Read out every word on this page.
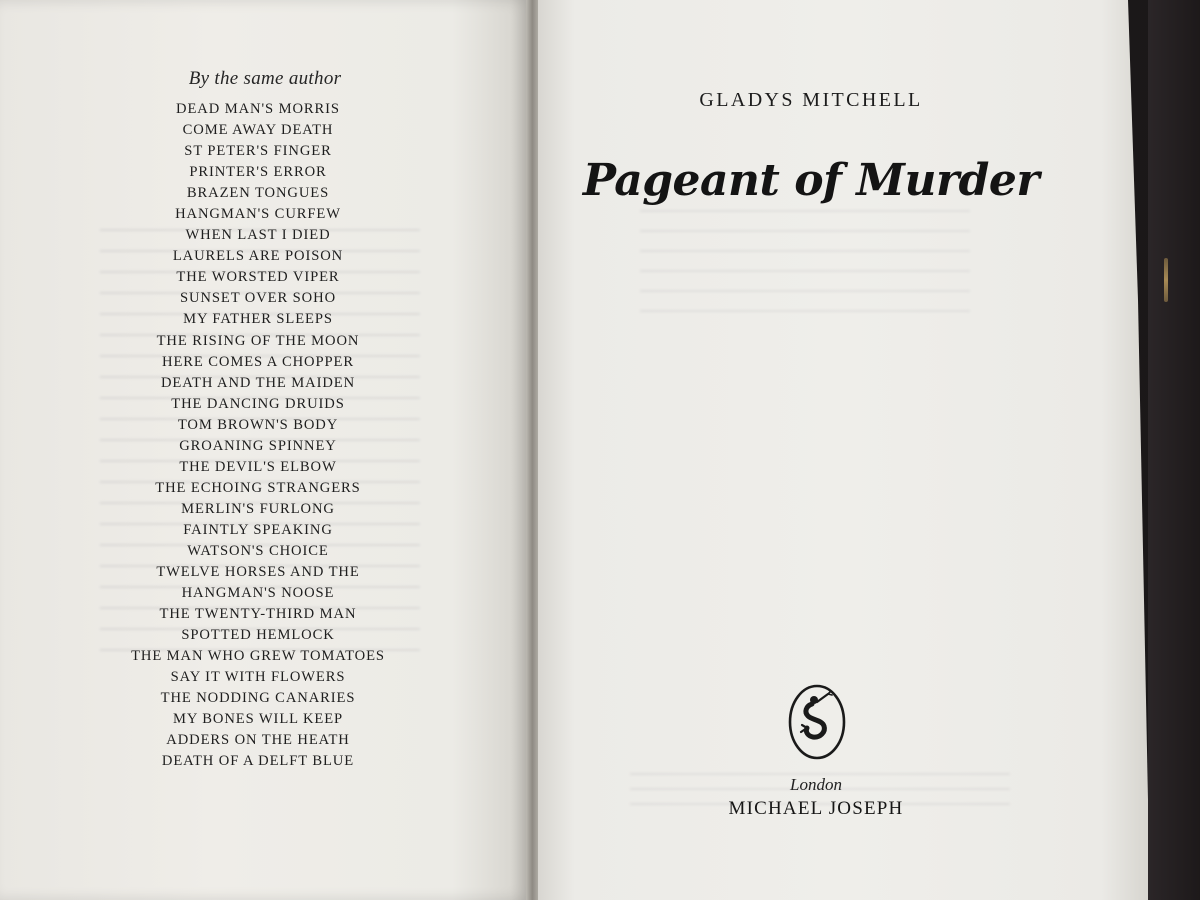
By the same author
DEAD MAN'S MORRIS
COME AWAY DEATH
ST PETER'S FINGER
PRINTER'S ERROR
BRAZEN TONGUES
HANGMAN'S CURFEW
WHEN LAST I DIED
LAURELS ARE POISON
THE WORSTED VIPER
SUNSET OVER SOHO
MY FATHER SLEEPS
THE RISING OF THE MOON
HERE COMES A CHOPPER
DEATH AND THE MAIDEN
THE DANCING DRUIDS
TOM BROWN'S BODY
GROANING SPINNEY
THE DEVIL'S ELBOW
THE ECHOING STRANGERS
MERLIN'S FURLONG
FAINTLY SPEAKING
WATSON'S CHOICE
TWELVE HORSES AND THE
HANGMAN'S NOOSE
THE TWENTY-THIRD MAN
SPOTTED HEMLOCK
THE MAN WHO GREW TOMATOES
SAY IT WITH FLOWERS
THE NODDING CANARIES
MY BONES WILL KEEP
ADDERS ON THE HEATH
DEATH OF A DELFT BLUE
GLADYS MITCHELL
Pageant of Murder
London
MICHAEL JOSEPH
